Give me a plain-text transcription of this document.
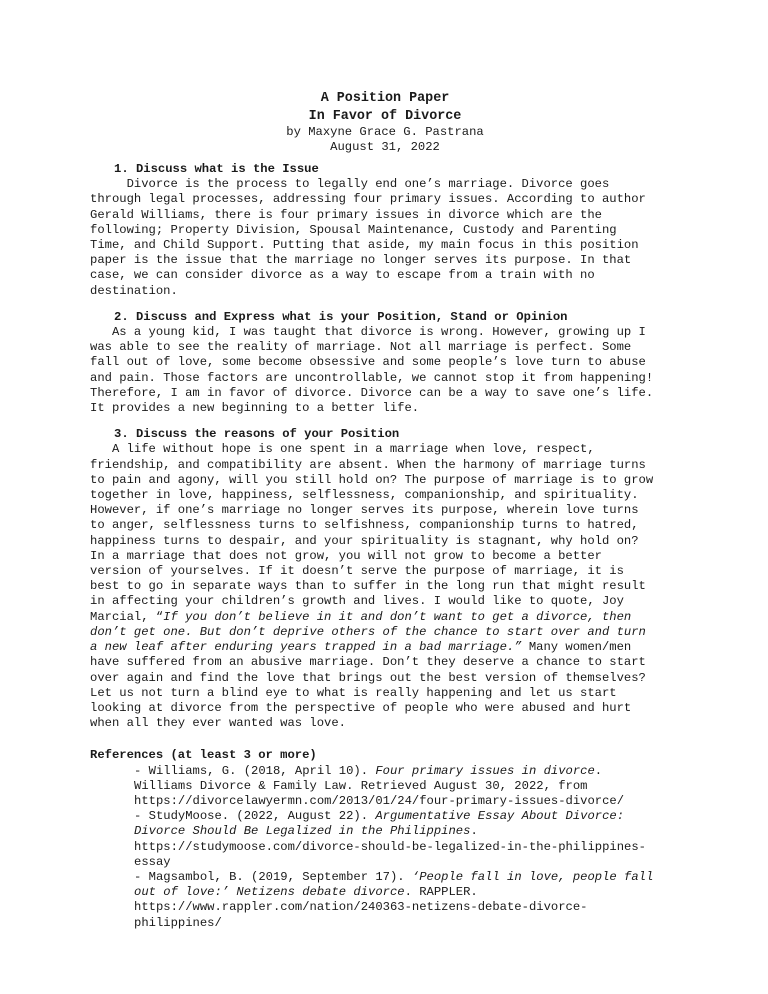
A Position Paper
In Favor of Divorce
by Maxyne Grace G. Pastrana
August 31, 2022
1. Discuss what is the Issue
Divorce is the process to legally end one’s marriage. Divorce goes
through legal processes, addressing four primary issues. According to author
Gerald Williams, there is four primary issues in divorce which are the
following; Property Division, Spousal Maintenance, Custody and Parenting
Time, and Child Support. Putting that aside, my main focus in this position
paper is the issue that the marriage no longer serves its purpose. In that
case, we can consider divorce as a way to escape from a train with no
destination.
2. Discuss and Express what is your Position, Stand or Opinion
As a young kid, I was taught that divorce is wrong. However, growing up I
was able to see the reality of marriage. Not all marriage is perfect. Some
fall out of love, some become obsessive and some people’s love turn to abuse
and pain. Those factors are uncontrollable, we cannot stop it from happening!
Therefore, I am in favor of divorce. Divorce can be a way to save one’s life.
It provides a new beginning to a better life.
3. Discuss the reasons of your Position
A life without hope is one spent in a marriage when love, respect,
friendship, and compatibility are absent. When the harmony of marriage turns
to pain and agony, will you still hold on? The purpose of marriage is to grow
together in love, happiness, selflessness, companionship, and spirituality.
However, if one’s marriage no longer serves its purpose, wherein love turns
to anger, selflessness turns to selfishness, companionship turns to hatred,
happiness turns to despair, and your spirituality is stagnant, why hold on?
In a marriage that does not grow, you will not grow to become a better
version of yourselves. If it doesn’t serve the purpose of marriage, it is
best to go in separate ways than to suffer in the long run that might result
in affecting your children’s growth and lives. I would like to quote, Joy
Marcial, “If you don’t believe in it and don’t want to get a divorce, then
don’t get one. But don’t deprive others of the chance to start over and turn
a new leaf after enduring years trapped in a bad marriage.” Many women/men
have suffered from an abusive marriage. Don’t they deserve a chance to start
over again and find the love that brings out the best version of themselves?
Let us not turn a blind eye to what is really happening and let us start
looking at divorce from the perspective of people who were abused and hurt
when all they ever wanted was love.
References (at least 3 or more)
- Williams, G. (2018, April 10). Four primary issues in divorce.
Williams Divorce & Family Law. Retrieved August 30, 2022, from
https://divorcelawyermn.com/2013/01/24/four-primary-issues-divorce/
- StudyMoose. (2022, August 22). Argumentative Essay About Divorce:
Divorce Should Be Legalized in the Philippines.
https://studymoose.com/divorce-should-be-legalized-in-the-philippines-
essay
- Magsambol, B. (2019, September 17). ‘People fall in love, people fall
out of love:’ Netizens debate divorce. RAPPLER.
https://www.rappler.com/nation/240363-netizens-debate-divorce-
philippines/
